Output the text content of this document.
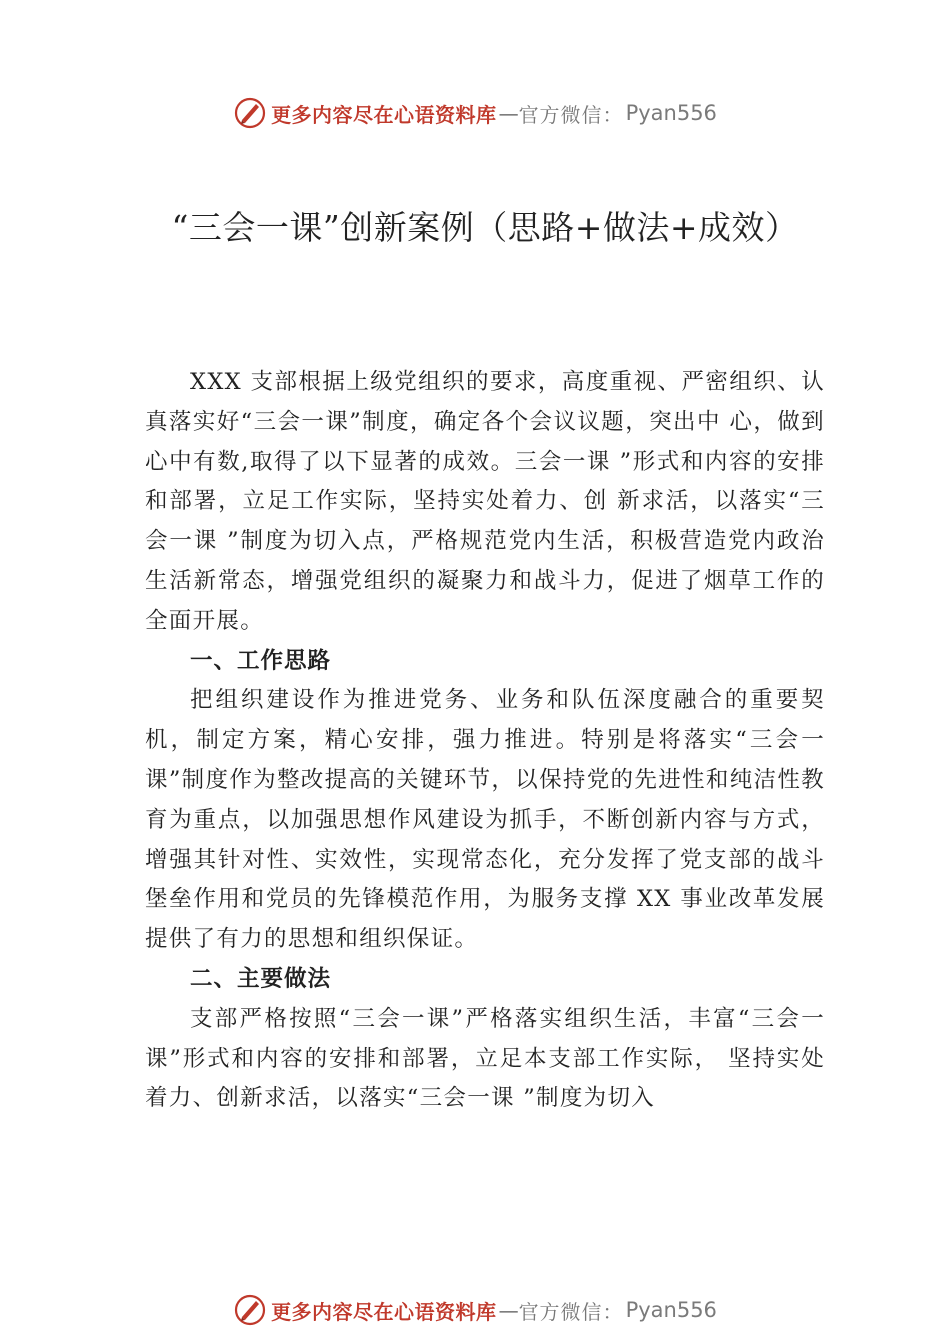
更多内容尽在心语资料库 — 官方微信： Pyan556
“三会一课”创新案例（思路+做法+成效）

XXX 支部根据上级党组织的要求，高度重视、严密组织、认真落实好“三会一课”制度，确定各个会议议题，突出中 心，做到心中有数,取得了以下显著的成效。三会一课 ”形式和内容的安排和部署，立足工作实际，坚持实处着力、创 新求活，以落实“三会一课 ”制度为切入点，严格规范党内生活，积极营造党内政治生活新常态，增强党组织的凝聚力和战斗力，促进了烟草工作的全面开展。

一、工作思路

把组织建设作为推进党务、业务和队伍深度融合的重要契机，制定方案，精心安排，强力推进。特别是将落实“三会一课”制度作为整改提高的关键环节，以保持党的先进性和纯洁性教育为重点，以加强思想作风建设为抓手，不断创新内容与方式，增强其针对性、实效性，实现常态化，充分发挥了党支部的战斗堡垒作用和党员的先锋模范作用，为服务支撑 XX 事业改革发展提供了有力的思想和组织保证。

二、主要做法

支部严格按照“三会一课”严格落实组织生活，丰富“三会一课”形式和内容的安排和部署，立足本支部工作实际， 坚持实处着力、创新求活，以落实“三会一课 ”制度为切入

更多内容尽在心语资料库 — 官方微信： Pyan556
